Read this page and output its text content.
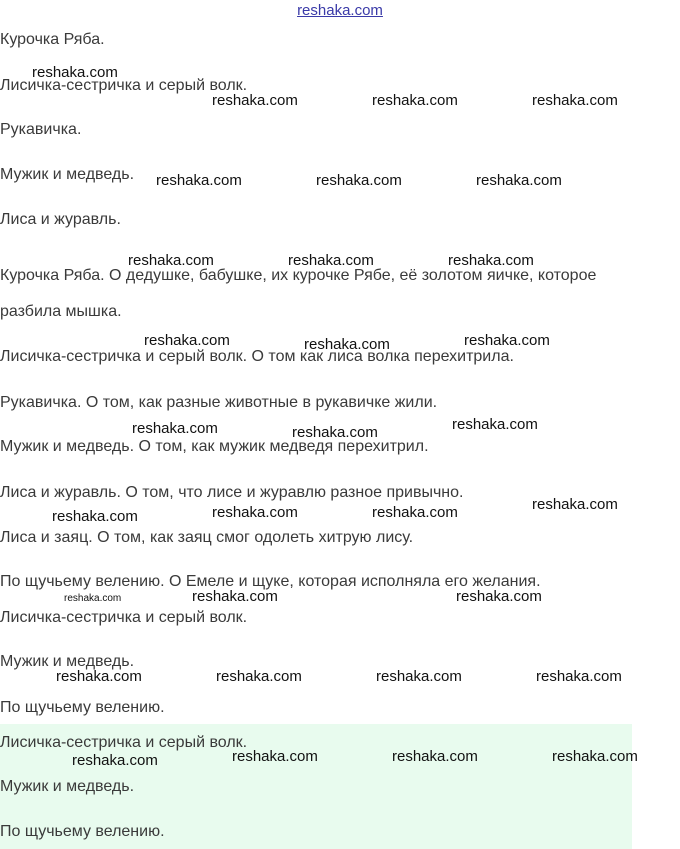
reshaka.com
Курочка Ряба.
Лисичка-сестричка и серый волк.
Рукавичка.
Мужик и медведь.
Лиса и журавль.
Курочка Ряба. О дедушке, бабушке, их курочке Рябе, её золотом яичке, которое
разбила мышка.
Лисичка-сестричка и серый волк. О том как лиса волка перехитрила.
Рукавичка. О том, как разные животные в рукавичке жили.
Мужик и медведь. О том, как мужик медведя перехитрил.
Лиса и журавль. О том, что лисе и журавлю разное привычно.
Лиса и заяц. О том, как заяц смог одолеть хитрую лису.
По щучьему велению. О Емеле и щуке, которая исполняла его желания.
Лисичка-сестричка и серый волк.
Мужик и медведь.
По щучьему велению.
Лисичка-сестричка и серый волк.
Мужик и медведь.
По щучьему велению.
reshaka.com
reshaka.com	reshaka.com	reshaka.com
reshaka.com	reshaka.com	reshaka.com
reshaka.com	reshaka.com	reshaka.com
reshaka.com	reshaka.com	reshaka.com
reshaka.com	reshaka.com	reshaka.com
reshaka.com	reshaka.com	reshaka.com	reshaka.com
reshaka.com	reshaka.com	reshaka.com
reshaka.com	reshaka.com	reshaka.com	reshaka.com
reshaka.com	reshaka.com	reshaka.com	reshaka.com
